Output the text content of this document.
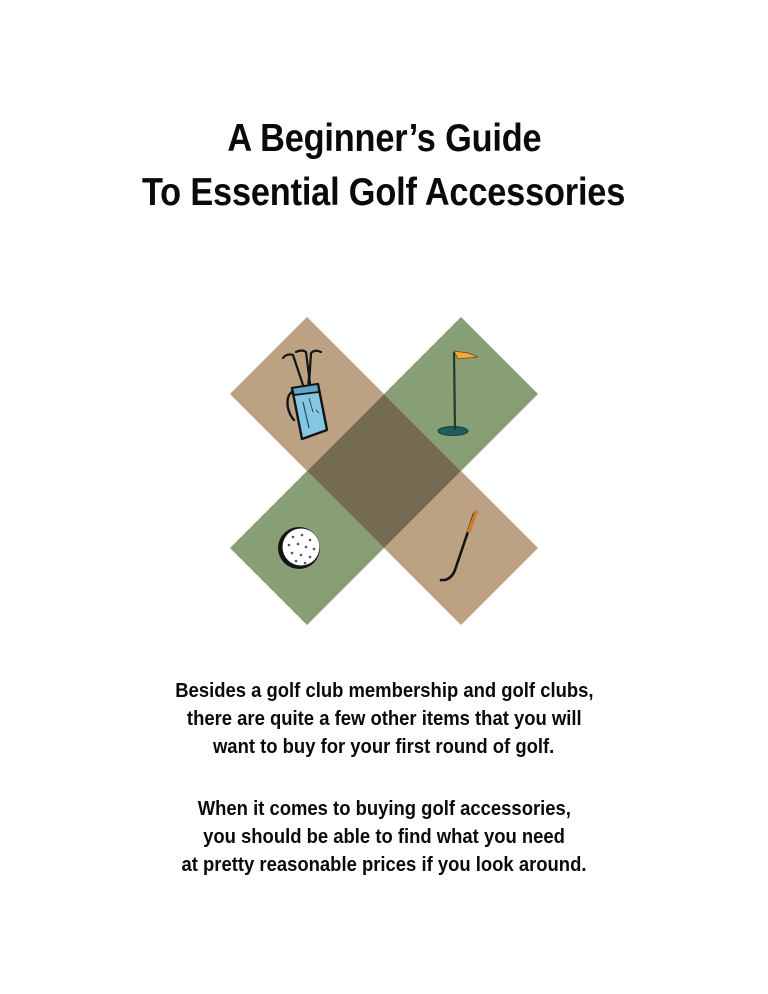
A Beginner’s Guide
To Essential Golf Accessories
Besides a golf club membership and golf clubs,
there are quite a few other items that you will
want to buy for your first round of golf.
When it comes to buying golf accessories,
you should be able to find what you need
at pretty reasonable prices if you look around.
